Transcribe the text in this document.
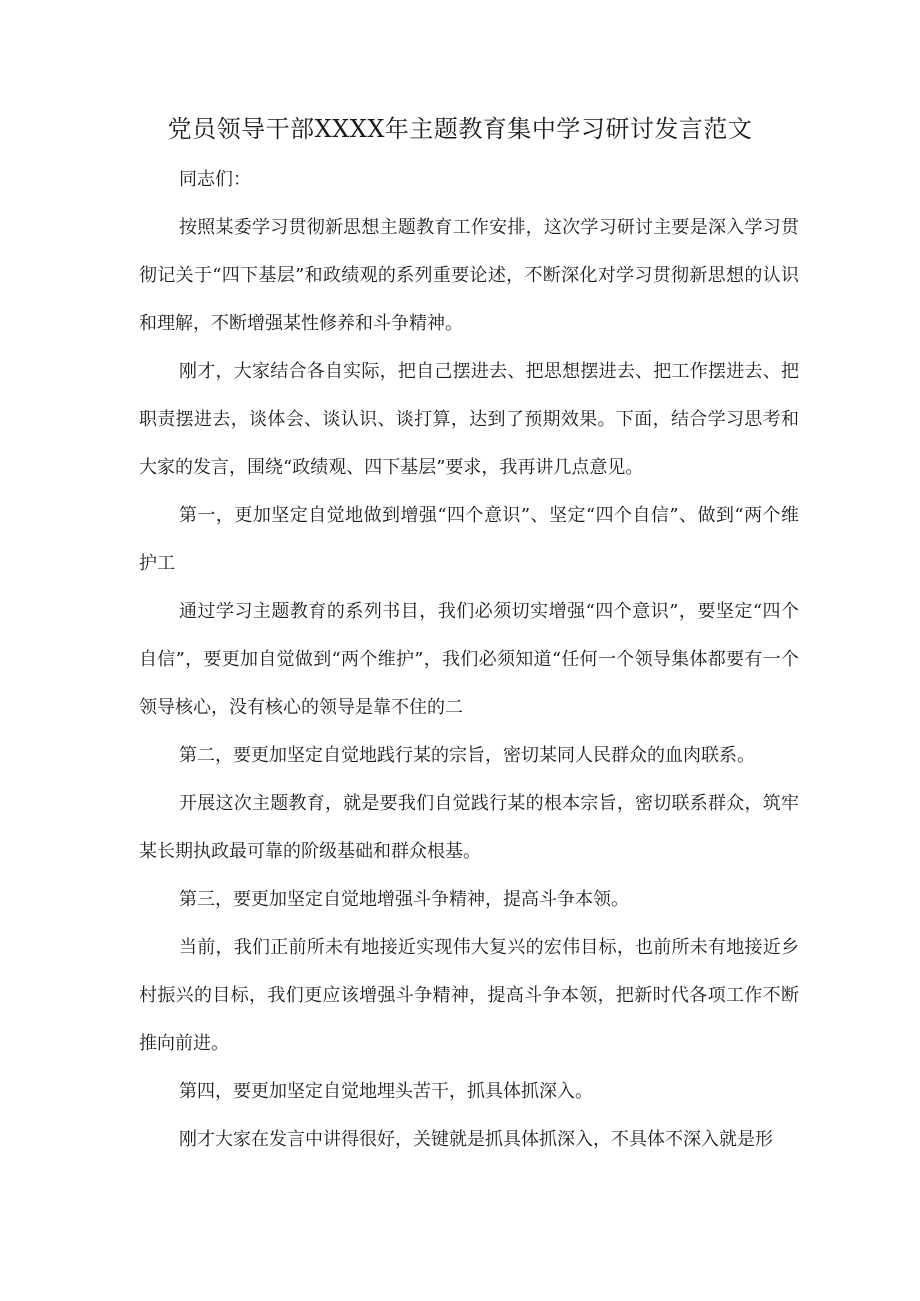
党员领导干部XXXX年主题教育集中学习研讨发言范文

同志们：

按照某委学习贯彻新思想主题教育工作安排，这次学习研讨主要是深入学习贯彻记关于“四下基层”和政绩观的系列重要论述，不断深化对学习贯彻新思想的认识和理解，不断增强某性修养和斗争精神。

刚才，大家结合各自实际，把自己摆进去、把思想摆进去、把工作摆进去、把职责摆进去，谈体会、谈认识、谈打算，达到了预期效果。下面，结合学习思考和大家的发言，围绕“政绩观、四下基层”要求，我再讲几点意见。

第一，更加坚定自觉地做到增强“四个意识”、坚定“四个自信”、做到“两个维护工

通过学习主题教育的系列书目，我们必须切实增强“四个意识”，要坚定“四个自信”，要更加自觉做到“两个维护”，我们必须知道“任何一个领导集体都要有一个领导核心，没有核心的领导是靠不住的二

第二，要更加坚定自觉地践行某的宗旨，密切某同人民群众的血肉联系。

开展这次主题教育，就是要我们自觉践行某的根本宗旨，密切联系群众，筑牢某长期执政最可靠的阶级基础和群众根基。

第三，要更加坚定自觉地增强斗争精神，提高斗争本领。

当前，我们正前所未有地接近实现伟大复兴的宏伟目标，也前所未有地接近乡村振兴的目标，我们更应该增强斗争精神，提高斗争本领，把新时代各项工作不断推向前进。

第四，要更加坚定自觉地埋头苦干，抓具体抓深入。

刚才大家在发言中讲得很好，关键就是抓具体抓深入，不具体不深入就是形
